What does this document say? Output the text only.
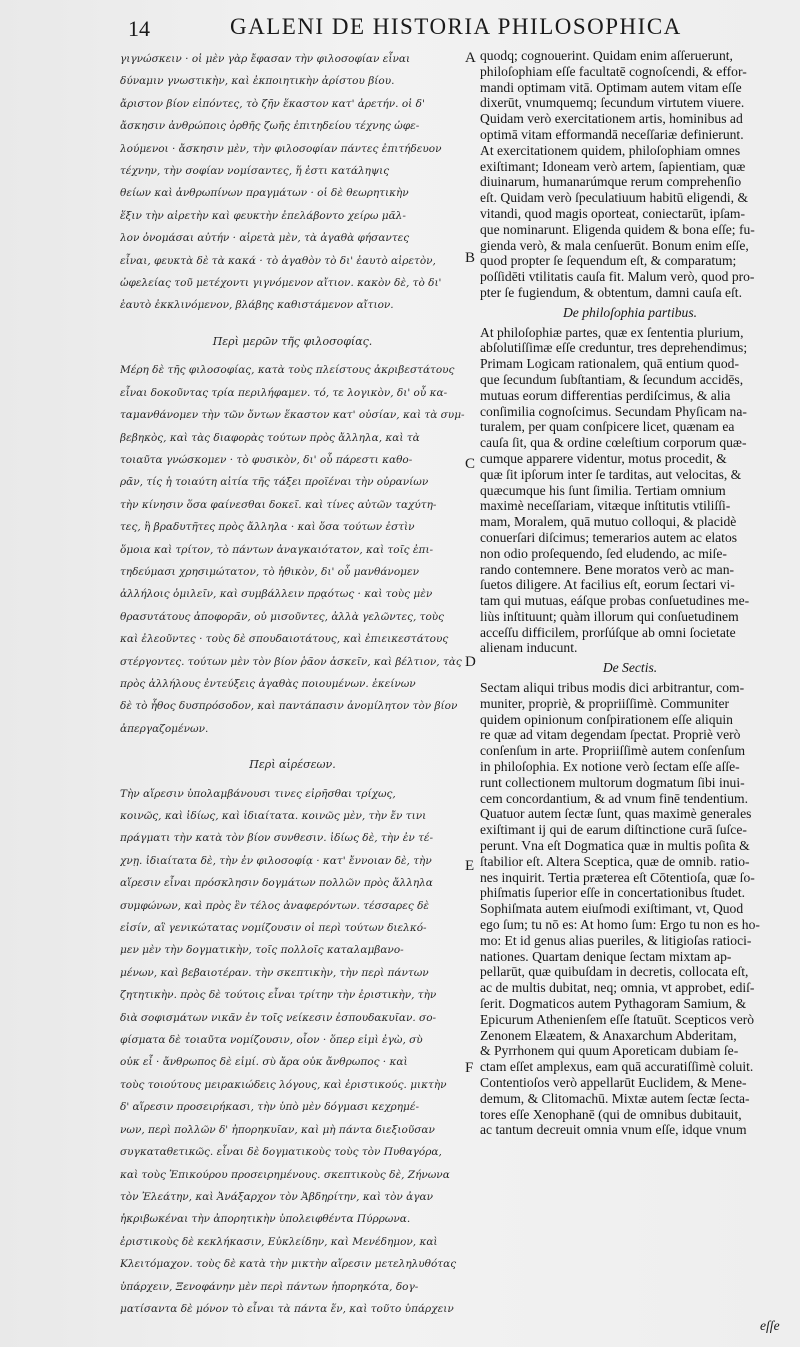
14	GALENI DE HISTORIA PHILOSOPHICA
γιγνώσκειν · οἱ μὲν γὰρ ἔφασαν τὴν φιλοσοφίαν εἶναι
δύναμιν γνωστικὴν, καὶ ἐκποιητικὴν ἀρίστου βίου.
ἄριστον βίον εἰπόντες, τὸ ζῆν ἕκαστον κατ' ἀρετήν. οἱ δ'
ἄσκησιν ἀνθρώποις ὀρθῆς ζωῆς ἐπιτηδείου τέχνης ὠφε-
λούμενοι · ἄσκησιν μὲν, τὴν φιλοσοφίαν πάντες ἐπιτήδευον
τέχνην, τὴν σοφίαν νομίσαντες, ἥ ἐστι κατάληψις
θείων καὶ ἀνθρωπίνων πραγμάτων · οἱ δὲ θεωρητικὴν
ἕξιν τὴν αἱρετὴν καὶ φευκτὴν ἐπελάβοντο χείρω μᾶλ-
λον ὀνομάσαι αὐτήν · αἱρετὰ μὲν, τὰ ἀγαθὰ φήσαντες
εἶναι, φευκτὰ δὲ τὰ κακά · τὸ ἀγαθὸν τὸ δι' ἑαυτὸ αἱρετὸν,
ὠφελείας τοῦ μετέχοντι γιγνόμενον αἴτιον. κακὸν δὲ, τὸ δι'
ἑαυτὸ ἐκκλινόμενον, βλάβης καθιστάμενον αἴτιον.
Περὶ μερῶν τῆς φιλοσοφίας.
Μέρη δὲ τῆς φιλοσοφίας, κατὰ τοὺς πλείστους ἀκριβεστάτους
εἶναι δοκοῦντας τρία περιλήφαμεν. τό, τε λογικὸν, δι' οὗ κα-
ταμανθάνομεν τὴν τῶν ὄντων ἕκαστον κατ' οὐσίαν, καὶ τὰ συμ-
βεβηκὸς, καὶ τὰς διαφορὰς τούτων πρὸς ἄλληλα, καὶ τὰ
τοιαῦτα γνώσκομεν · τὸ φυσικὸν, δι' οὗ πάρεστι καθο-
ρᾶν, τίς ἡ τοιαύτη αἰτία τῆς τάξει προϊέναι τὴν οὐρανίων
τὴν κίνησιν ὅσα φαίνεσθαι δοκεῖ. καὶ τίνες αὐτῶν ταχύτη-
τες, ἢ βραδυτῆτες πρὸς ἄλληλα · καὶ ὅσα τούτων ἐστὶν
ὅμοια καὶ τρίτον, τὸ πάντων ἀναγκαιότατον, καὶ τοῖς ἐπι-
τηδεύμασι χρησιμώτατον, τὸ ἠθικὸν, δι' οὗ μανθάνομεν
ἀλλήλοις ὁμιλεῖν, καὶ συμβάλλειν πρᾳότως · καὶ τοὺς μὲν
θρασυτάτους ἀποφορᾶν, οὐ μισοῦντες, ἀλλὰ γελῶντες, τοὺς
καὶ ἐλεοῦντες · τοὺς δὲ σπουδαιοτάτους, καὶ ἐπιεικεστάτους
στέργοντες. τούτων μὲν τὸν βίον ῥᾶον ἀσκεῖν, καὶ βέλτιον, τὰς
πρὸς ἀλλήλους ἐντεύξεις ἀγαθὰς ποιουμένων. ἐκείνων
δὲ τὸ ἦθος δυσπρόσοδον, καὶ παντάπασιν ἀνομίλητον τὸν βίον
ἀπεργαζομένων.
Περὶ αἱρέσεων.
Τὴν αἵρεσιν ὑπολαμβάνουσι τινες εἰρῆσθαι τρίχως,
κοινῶς, καὶ ἰδίως, καὶ ἰδιαίτατα. κοινῶς μὲν, τὴν ἔν τινι
πράγματι τὴν κατὰ τὸν βίον συνθεσιν. ἰδίως δὲ, τὴν ἐν τέ-
χνῃ. ἰδιαίτατα δὲ, τὴν ἐν φιλοσοφίᾳ · κατ' ἔννοιαν δὲ, τὴν
αἵρεσιν εἶναι πρόσκλησιν δογμάτων πολλῶν πρὸς ἄλληλα
συμφώνων, καὶ πρὸς ἓν τέλος ἀναφερόντων. τέσσαρες δὲ
εἰσίν, αἳ γενικώτατας νομίζουσιν οἱ περὶ τούτων διελκό-
μεν μὲν τὴν δογματικὴν, τοῖς πολλοῖς καταλαμβανο-
μένων, καὶ βεβαιοτέραν. τὴν σκεπτικὴν, τὴν περὶ πάντων
ζητητικὴν. πρὸς δὲ τούτοις εἶναι τρίτην τὴν ἐριστικὴν, τὴν
διὰ σοφισμάτων νικᾶν ἐν τοῖς νείκεσιν ἐσπουδακυῖαν. σο-
φίσματα δὲ τοιαῦτα νομίζουσιν, οἷον · ὅπερ εἰμὶ ἐγὼ, σὺ
οὐκ εἶ · ἄνθρωπος δὲ εἰμί. σὺ ἄρα οὐκ ἄνθρωπος · καὶ
τοὺς τοιούτους μειρακιώδεις λόγους, καὶ ἐριστικούς. μικτὴν
δ' αἵρεσιν προσειρήκασι, τὴν ὑπὸ μὲν δόγμασι κεχρημέ-
νων, περὶ πολλῶν δ' ἠπορηκυῖαν, καὶ μὴ πάντα διεξιοῦσαν
συγκαταθετικῶς. εἶναι δὲ δογματικοὺς τοὺς τὸν Πυθαγόρα,
καὶ τοὺς Ἐπικούρου προσειρημένους. σκεπτικοὺς δὲ, Ζήνωνα
τὸν Ἐλεάτην, καὶ Ἀνάξαρχον τὸν Ἀβδηρίτην, καὶ τὸν ἀγαν
ἠκριβωκέναι τὴν ἀπορητικὴν ὑπολειφθέντα Πύρρωνα.
ἐριστικοὺς δὲ κεκλήκασιν, Εὐκλείδην, καὶ Μενέδημον, καὶ
Κλειτόμαχον. τοὺς δὲ κατὰ τὴν μικτὴν αἵρεσιν μετεληλυθότας
ὑπάρχειν, Ξενοφάνην μὲν περὶ πάντων ἠπορηκότα, δογ-
ματίσαντα δὲ μόνον τὸ εἶναι τὰ πάντα ἕν, καὶ τοῦτο ὑπάρχειν
A
B
C
D
E
F
quodq; cognouerint. Quidam enim aſſeruerunt,
philoſophiam eſſe facultatē cognoſcendi, & effor-
mandi optimam vitā. Optimam autem vitam eſſe
dixerūt, vnumquemq; ſecundum virtutem viuere.
Quidam verò exercitationem artis, hominibus ad
optimā vitam efformandā neceſſariæ definierunt.
At exercitationem quidem, philoſophiam omnes
exiſtimant; Idoneam verò artem, ſapientiam, quæ
diuinarum, humanarúmque rerum comprehenſio
eſt. Quidam verò ſpeculatiuum habitū eligendi, &
vitandi, quod magis oporteat, coniectarūt, ipſam-
que nominarunt. Eligenda quidem & bona eſſe; fu-
gienda verò, & mala cenſuerūt. Bonum enim eſſe,
quod propter ſe ſequendum eſt, & comparatum;
poſſidēti vtilitatis cauſa fit. Malum verò, quod pro-
pter ſe fugiendum, & obtentum, damni cauſa eſt.
De philoſophia partibus.
At philoſophiæ partes, quæ ex ſententia plurium,
abſolutiſſimæ eſſe creduntur, tres deprehendimus;
Primam Logicam rationalem, quā entium quod-
que ſecundum ſubſtantiam, & ſecundum accidēs,
mutuas eorum differentias perdiſcimus, & alia
conſimilia cognoſcimus. Secundam Phyſicam na-
turalem, per quam conſpicere licet, quænam ea
cauſa ſit, qua & ordine cœleſtium corporum quæ-
cumque apparere videntur, motus procedit, &
quæ ſit ipſorum inter ſe tarditas, aut velocitas, &
quæcumque his ſunt ſimilia. Tertiam omnium
maximè neceſſariam, vitæque inſtitutis vtiliſſi-
mam, Moralem, quā mutuo colloqui, & placidè
conuerſari diſcimus; temerarios autem ac elatos
non odio proſequendo, ſed eludendo, ac miſe-
rando contemnere. Bene moratos verò ac man-
ſuetos diligere. At facilius eſt, eorum ſectari vi-
tam qui mutuas, eáſque probas conſuetudines me-
liùs inſtituunt; quàm illorum qui conſuetudinem
acceſſu difficilem, prorſúſque ab omni ſocietate
alienam inducunt.
De Sectis.
Sectam aliqui tribus modis dici arbitrantur, com-
muniter, propriè, & propriiſſimè. Communiter
quidem opinionum conſpirationem eſſe aliquin
re quæ ad vitam degendam ſpectat. Propriè verò
conſenſum in arte. Propriiſſimè autem conſenſum
in philoſophia. Ex notione verò ſectam eſſe aſſe-
runt collectionem multorum dogmatum ſibi inui-
cem concordantium, & ad vnum finē tendentium.
Quatuor autem ſectæ ſunt, quas maximè generales
exiſtimant ij qui de earum diſtinctione curā ſuſce-
perunt. Vna eſt Dogmatica quæ in multis poſita &
ſtabilior eſt. Altera Sceptica, quæ de omnib. ratio-
nes inquirit. Tertia præterea eſt Cōtentioſa, quæ ſo-
phiſmatis ſuperior eſſe in concertationibus ſtudet.
Sophiſmata autem eiuſmodi exiſtimant, vt, Quod
ego ſum; tu nō es: At homo ſum: Ergo tu non es ho-
mo: Et id genus alias pueriles, & litigioſas ratioci-
nationes. Quartam denique ſectam mixtam ap-
pellarūt, quæ quibuſdam in decretis, collocata eſt,
ac de multis dubitat, neq; omnia, vt approbet, ediſ-
ſerit. Dogmaticos autem Pythagoram Samium, &
Epicurum Athenienſem eſſe ſtatuūt. Scepticos verò
Zenonem Elæatem, & Anaxarchum Abderitam,
& Pyrrhonem qui quum Aporeticam dubiam ſe-
ctam eſſet amplexus, eam quā accuratiſſimè coluit.
Contentioſos verò appellarūt Euclidem, & Mene-
demum, & Clitomachū. Mixtæ autem ſectæ ſecta-
tores eſſe Xenophanē (qui de omnibus dubitauit,
ac tantum decreuit omnia vnum eſſe, idque vnum
eſſe
